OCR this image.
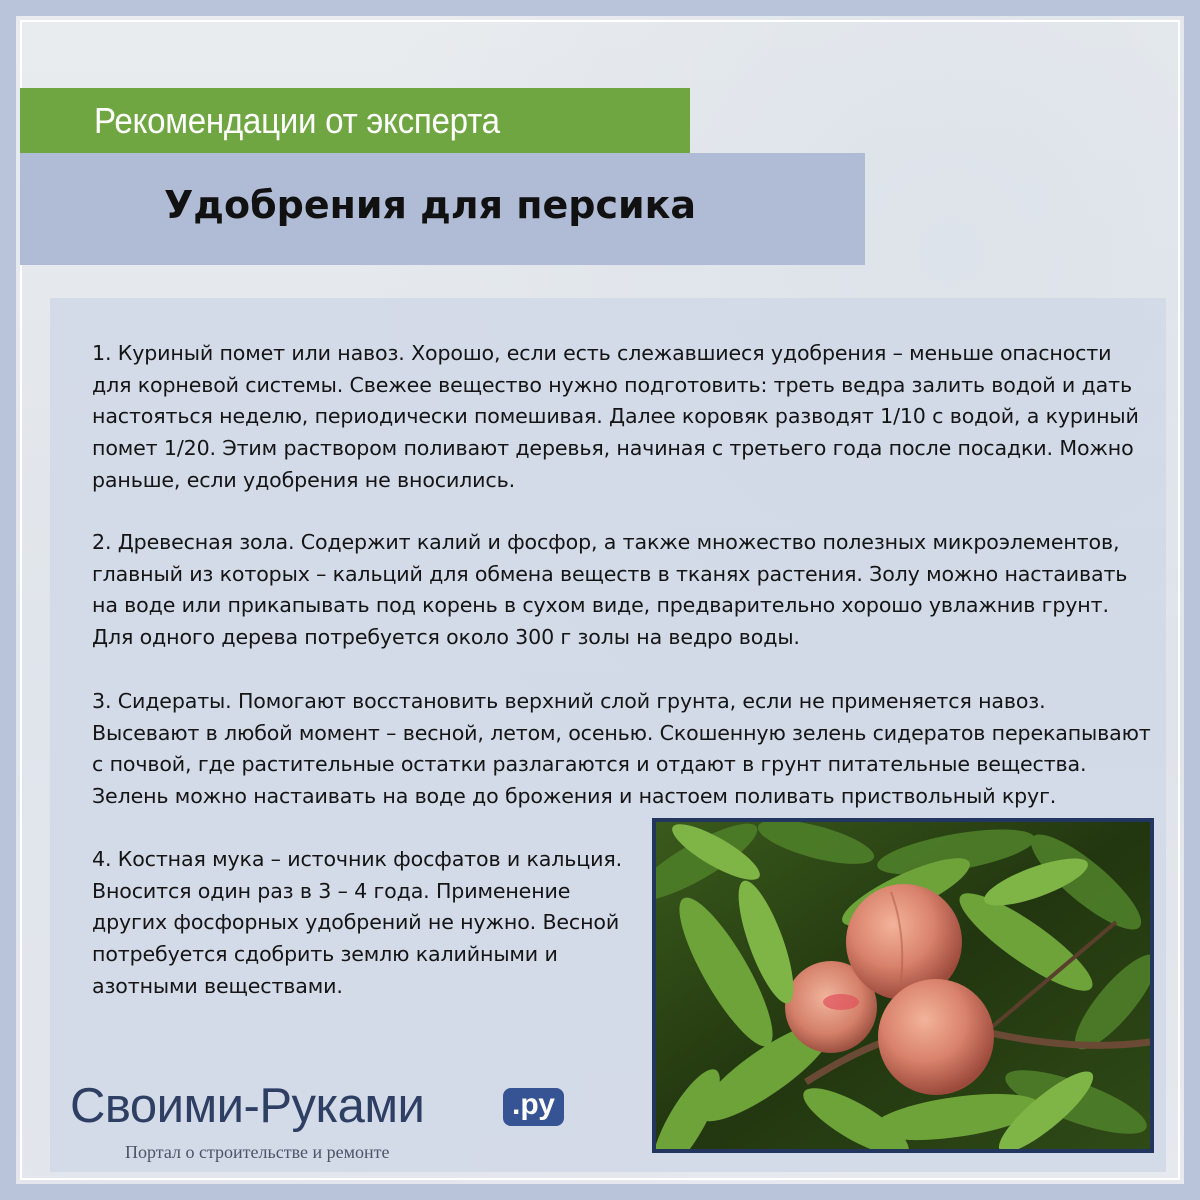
Рекомендации от эксперта
Удобрения для персика

1. Куриный помет или навоз. Хорошо, если есть слежавшиеся удобрения – меньше опасности для корневой системы. Свежее вещество нужно подготовить: треть ведра залить водой и дать настояться неделю, периодически помешивая. Далее коровяк разводят 1/10 с водой, а куриный помет 1/20. Этим раствором поливают деревья, начиная с третьего года после посадки. Можно раньше, если удобрения не вносились.

2. Древесная зола. Содержит калий и фосфор, а также множество полезных микроэлементов, главный из которых – кальций для обмена веществ в тканях растения. Золу можно настаивать на воде или прикапывать под корень в сухом виде, предварительно хорошо увлажнив грунт. Для одного дерева потребуется около 300 г золы на ведро воды.

3. Сидераты. Помогают восстановить верхний слой грунта, если не применяется навоз. Высевают в любой момент – весной, летом, осенью. Скошенную зелень сидератов перекапывают с почвой, где растительные остатки разлагаются и отдают в грунт питательные вещества. Зелень можно настаивать на воде до брожения и настоем поливать приствольный круг.

4. Костная мука – источник фосфатов и кальция. Вносится один раз в 3 – 4 года. Применение других фосфорных удобрений не нужно. Весной потребуется сдобрить землю калийными и азотными веществами.

Своими-Руками	.ру
Портал о строительстве и ремонте
